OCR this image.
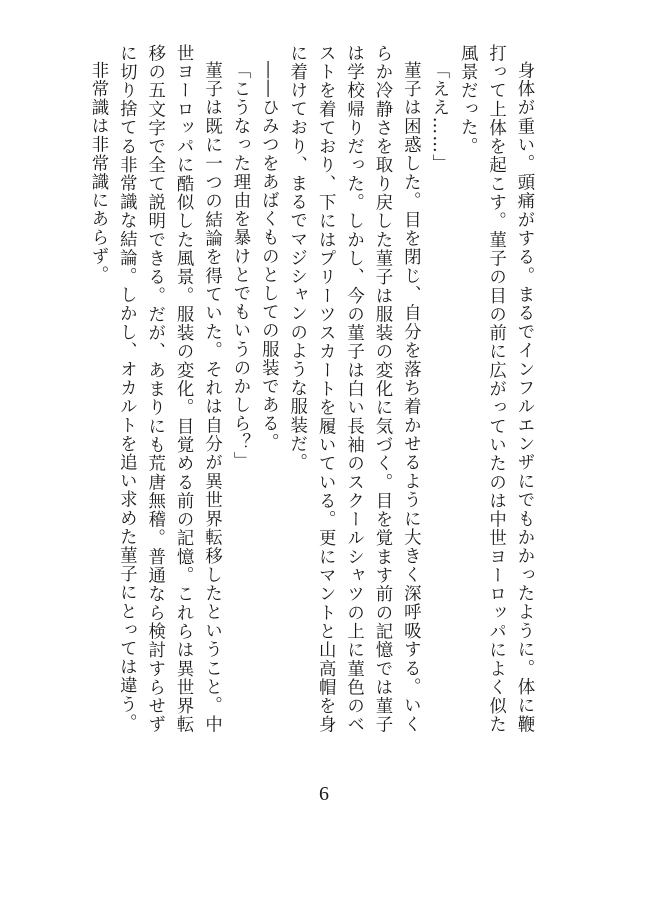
身体が重い。頭痛がする。まるでインフルエンザにでもかかったように。体に鞭打って上体を起こす。菫子の目の前に広がっていたのは中世ヨーロッパによく似た風景だった。

「ええ……」

菫子は困惑した。目を閉じ、自分を落ち着かせるように大きく深呼吸する。いくらか冷静さを取り戻した菫子は服装の変化に気づく。目を覚ます前の記憶では菫子は学校帰りだった。しかし、今の菫子は白い長袖のスクールシャツの上に菫色のベストを着ており、下にはプリーツスカートを履いている。更にマントと山高帽を身に着けており、まるでマジシャンのような服装だ。

――ひみつをあばくものとしての服装である。

「こうなった理由を暴けとでもいうのかしら？」

菫子は既に一つの結論を得ていた。それは自分が異世界転移したということ。中世ヨーロッパに酷似した風景。服装の変化。目覚める前の記憶。これらは異世界転移の五文字で全て説明できる。だが、あまりにも荒唐無稽。普通なら検討すらせずに切り捨てる非常識な結論。しかし、オカルトを追い求めた菫子にとっては違う。

非常識は非常識にあらず。

6
